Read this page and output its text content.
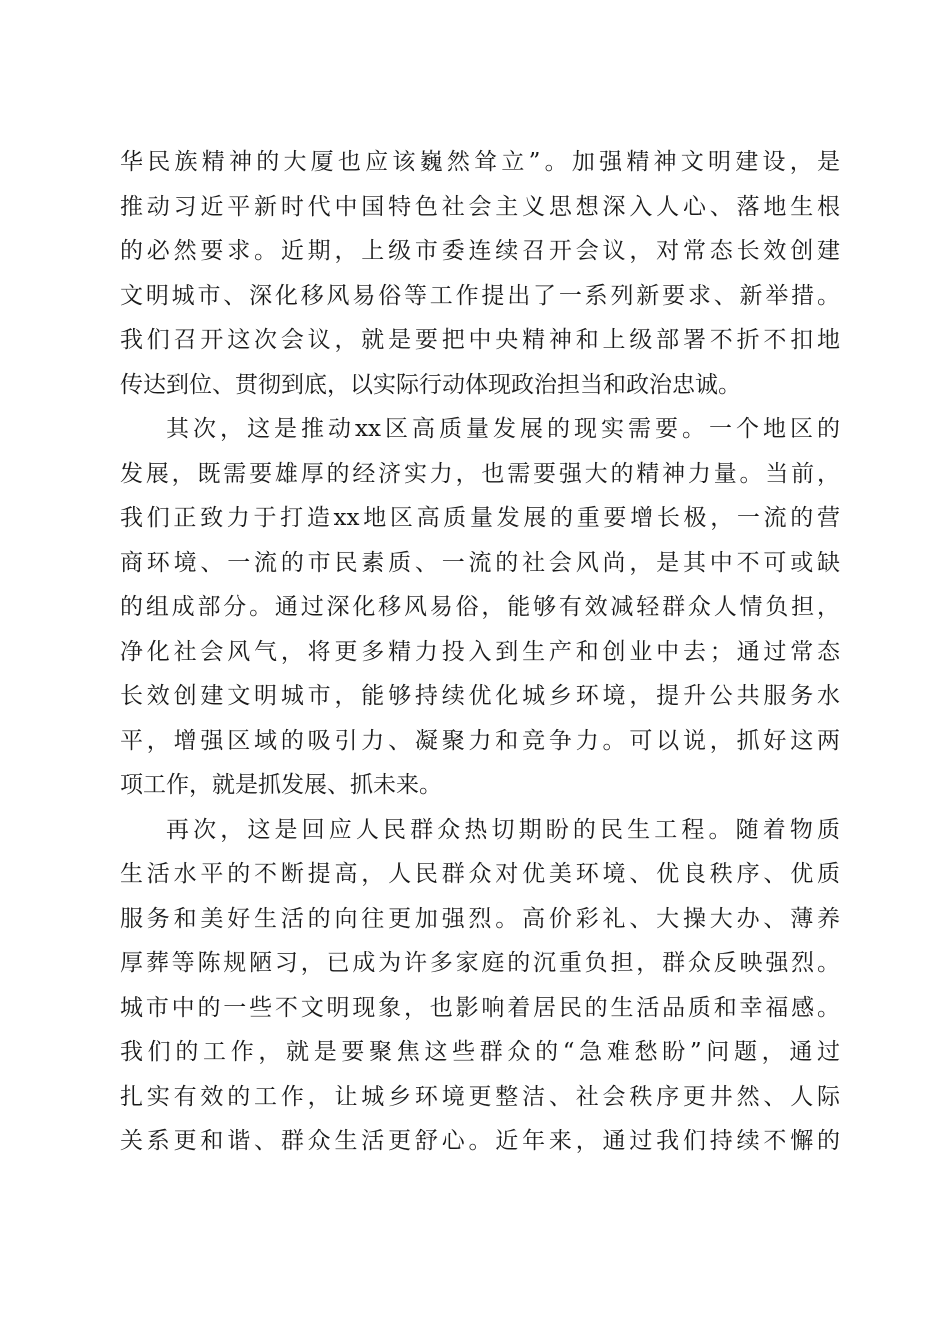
华民族精神的大厦也应该巍然耸立”。加强精神文明建设，是
推动习近平新时代中国特色社会主义思想深入人心、落地生根
的必然要求。近期，上级市委连续召开会议，对常态长效创建
文明城市、深化移风易俗等工作提出了一系列新要求、新举措。
我们召开这次会议，就是要把中央精神和上级部署不折不扣地
传达到位、贯彻到底，以实际行动体现政治担当和政治忠诚。
其次，这是推动xx区高质量发展的现实需要。一个地区的
发展，既需要雄厚的经济实力，也需要强大的精神力量。当前，
我们正致力于打造xx地区高质量发展的重要增长极，一流的营
商环境、一流的市民素质、一流的社会风尚，是其中不可或缺
的组成部分。通过深化移风易俗，能够有效减轻群众人情负担，
净化社会风气，将更多精力投入到生产和创业中去；通过常态
长效创建文明城市，能够持续优化城乡环境，提升公共服务水
平，增强区域的吸引力、凝聚力和竞争力。可以说，抓好这两
项工作，就是抓发展、抓未来。
再次，这是回应人民群众热切期盼的民生工程。随着物质
生活水平的不断提高，人民群众对优美环境、优良秩序、优质
服务和美好生活的向往更加强烈。高价彩礼、大操大办、薄养
厚葬等陈规陋习，已成为许多家庭的沉重负担，群众反映强烈。
城市中的一些不文明现象，也影响着居民的生活品质和幸福感。
我们的工作，就是要聚焦这些群众的“急难愁盼”问题，通过
扎实有效的工作，让城乡环境更整洁、社会秩序更井然、人际
关系更和谐、群众生活更舒心。近年来，通过我们持续不懈的
